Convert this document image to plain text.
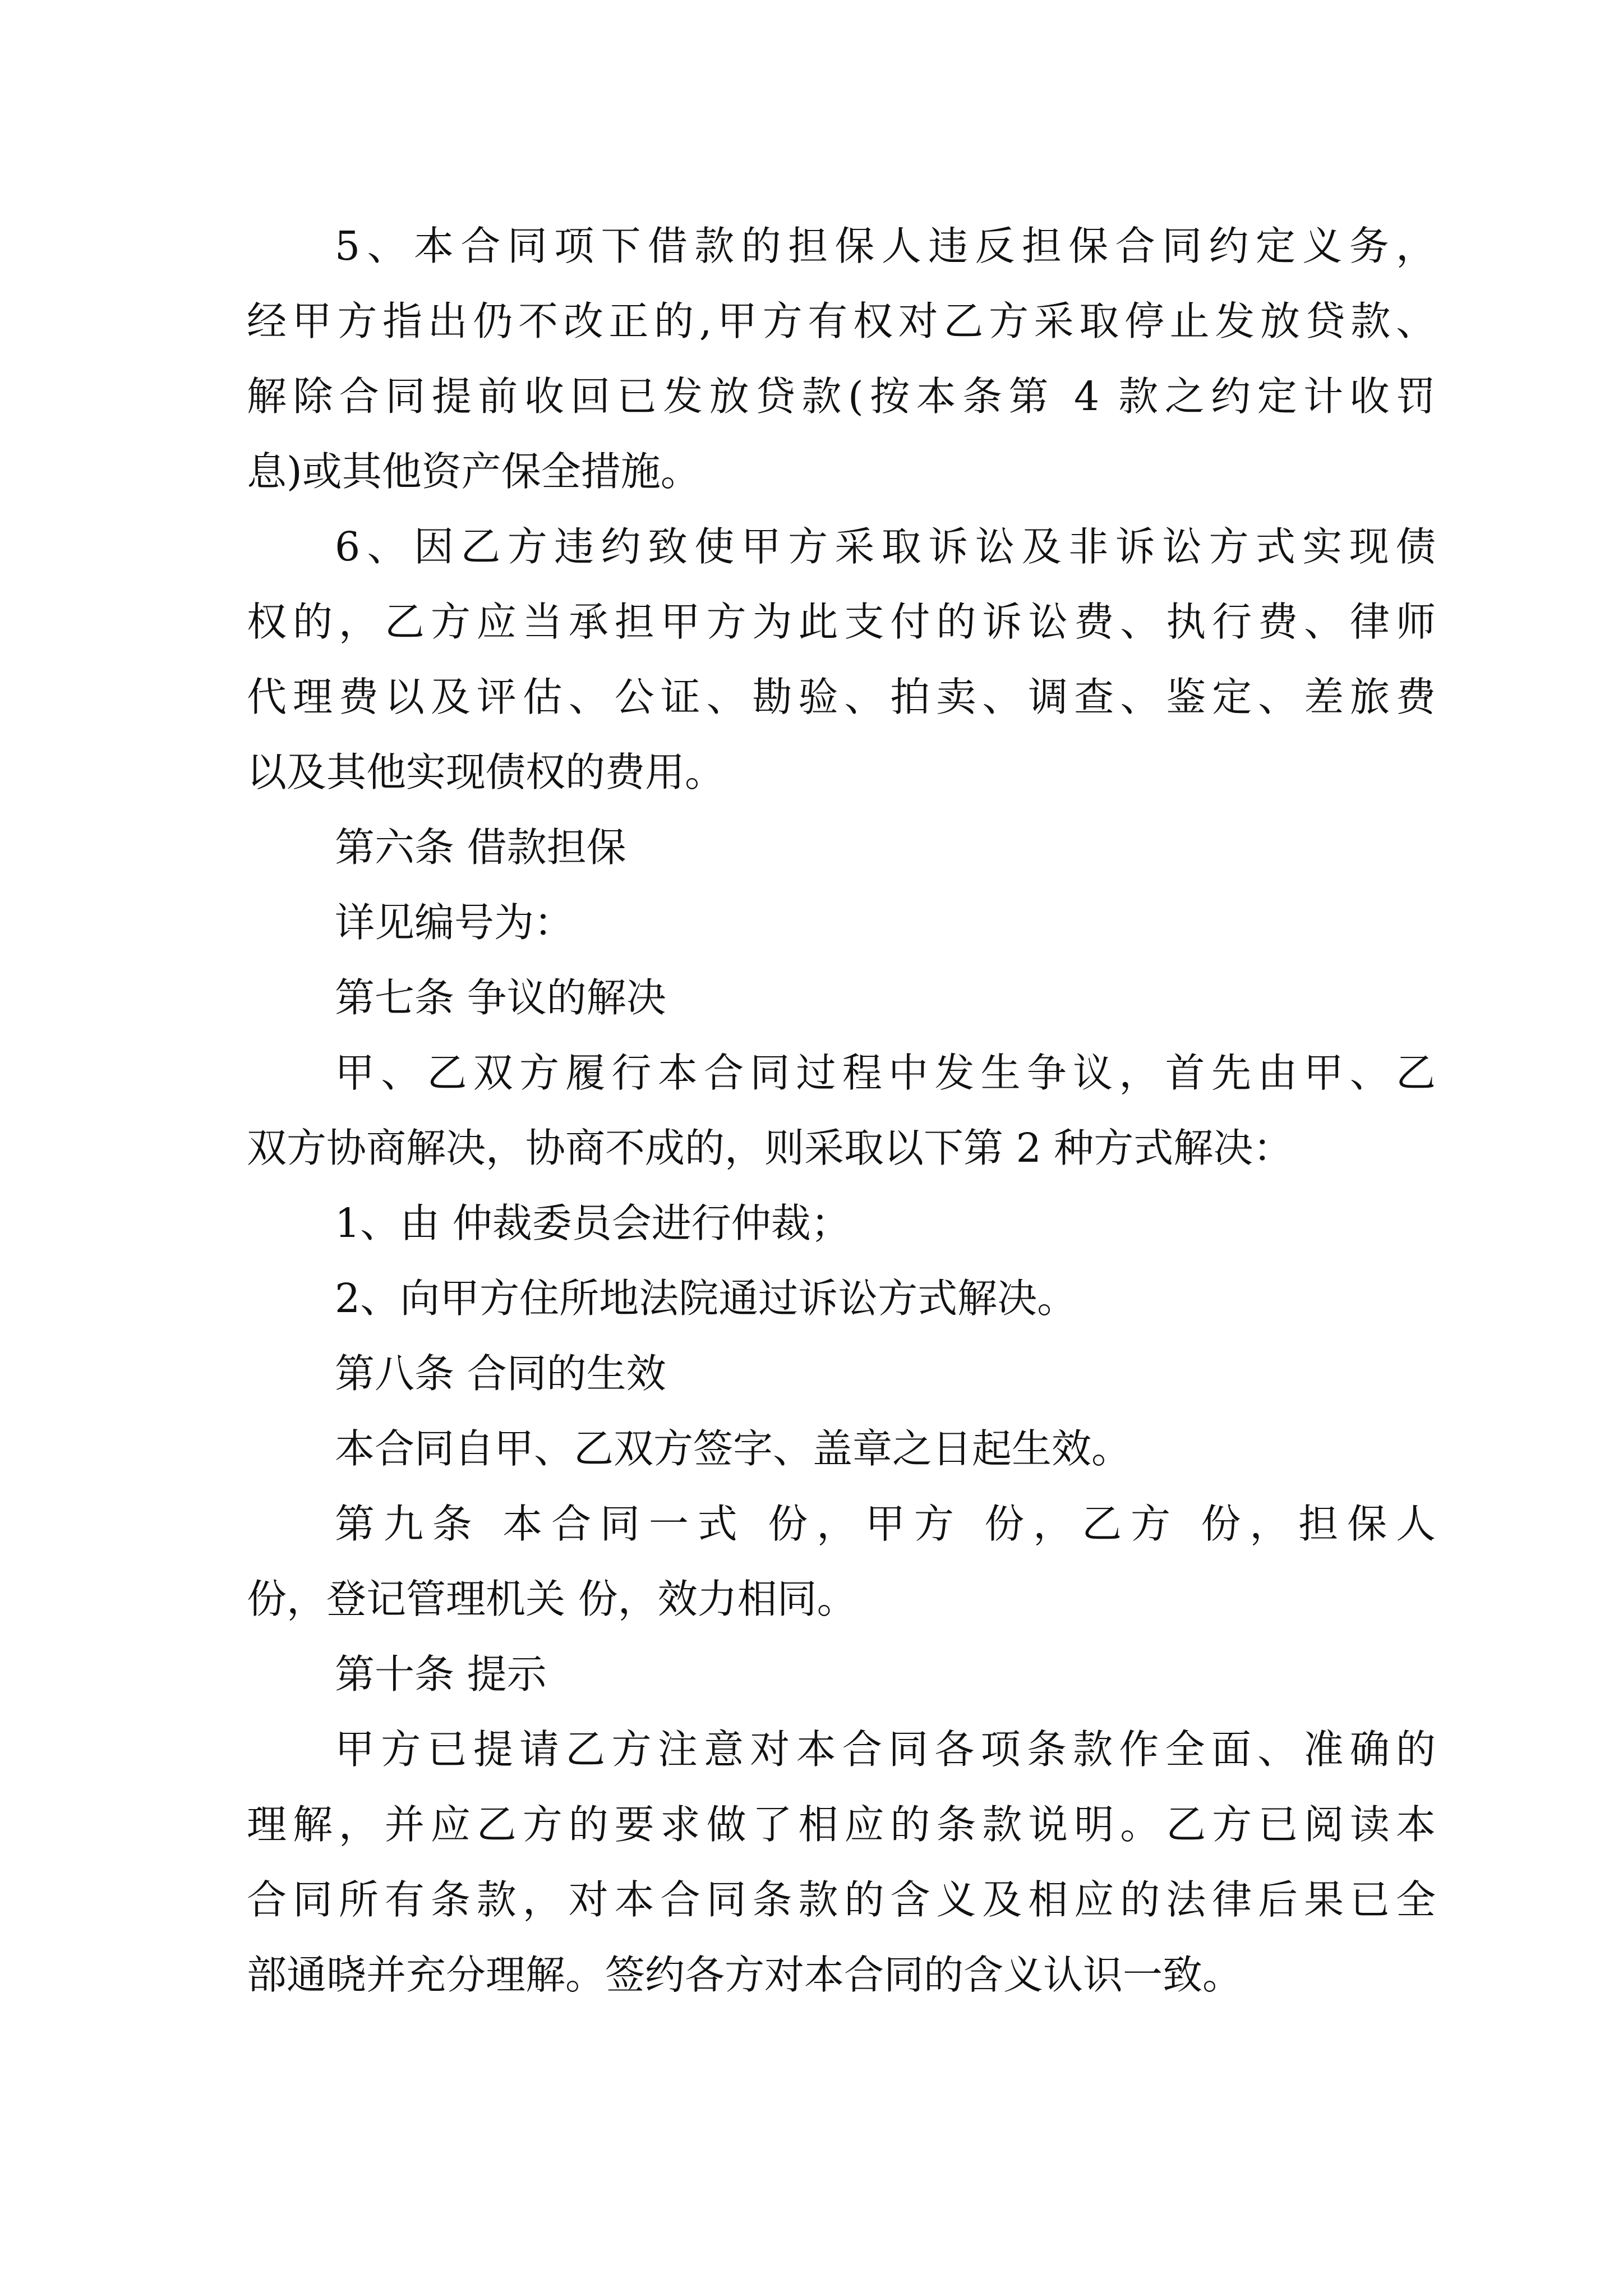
5、本合同项下借款的担保人违反担保合同约定义务，
经甲方指出仍不改正的,甲方有权对乙方采取停止发放贷款、
解除合同提前收回已发放贷款(按本条第 4 款之约定计收罚
息)或其他资产保全措施。
6、因乙方违约致使甲方采取诉讼及非诉讼方式实现债
权的，乙方应当承担甲方为此支付的诉讼费、执行费、律师
代理费以及评估、公证、勘验、拍卖、调查、鉴定、差旅费
以及其他实现债权的费用。
第六条 借款担保
详见编号为：
第七条 争议的解决
甲、乙双方履行本合同过程中发生争议，首先由甲、乙
双方协商解决，协商不成的，则采取以下第 2 种方式解决：
1、由 仲裁委员会进行仲裁；
2、向甲方住所地法院通过诉讼方式解决。
第八条 合同的生效
本合同自甲、乙双方签字、盖章之日起生效。
第九条 本合同一式 份，甲方 份，乙方 份，担保人
份，登记管理机关 份，效力相同。
第十条 提示
甲方已提请乙方注意对本合同各项条款作全面、准确的
理解，并应乙方的要求做了相应的条款说明。乙方已阅读本
合同所有条款，对本合同条款的含义及相应的法律后果已全
部通晓并充分理解。签约各方对本合同的含义认识一致。
